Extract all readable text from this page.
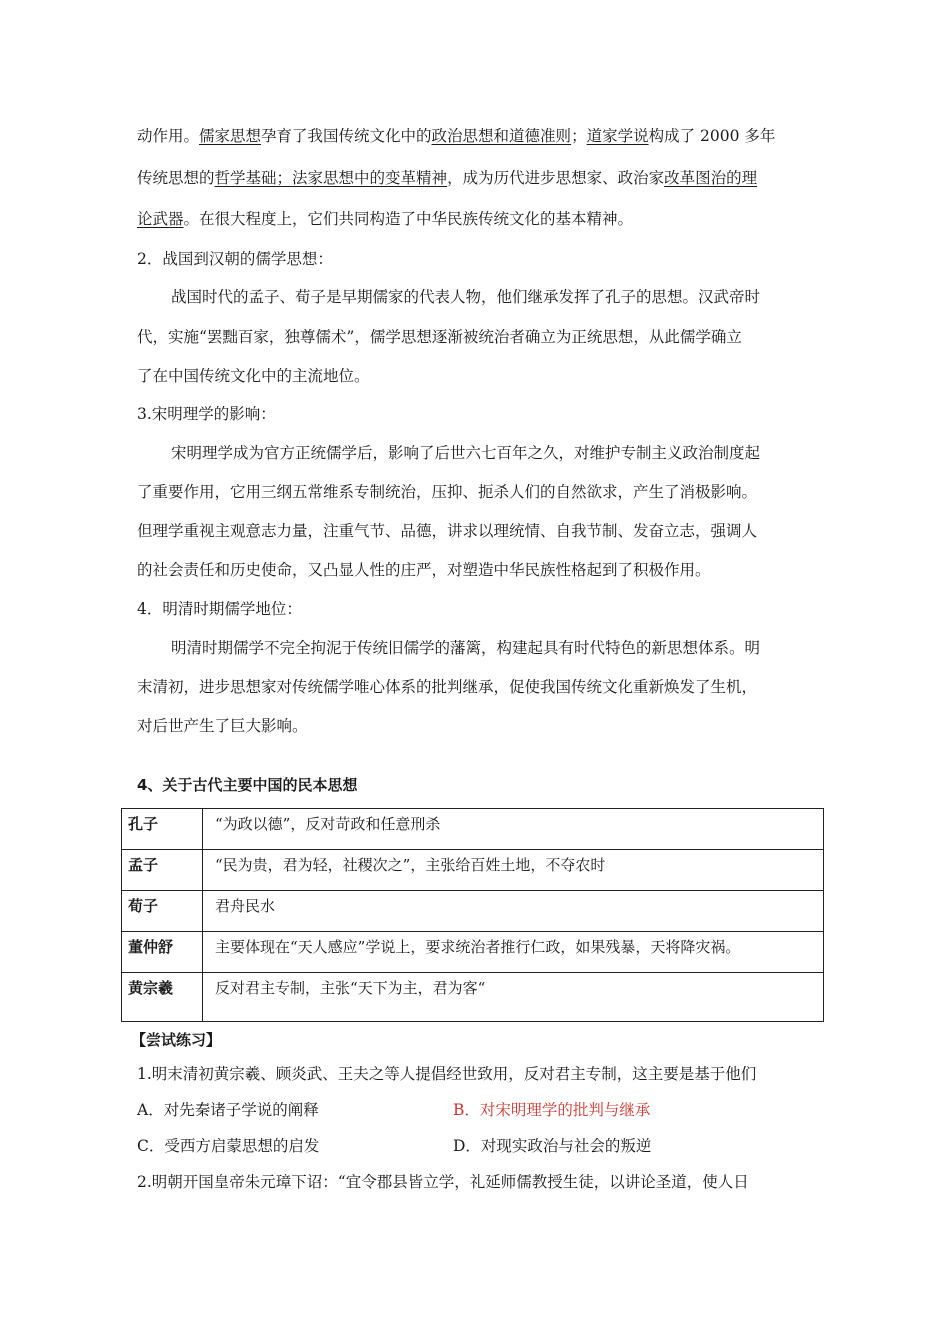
动作用。儒家思想孕育了我国传统文化中的政治思想和道德准则；道家学说构成了 2000 多年

传统思想的哲学基础；法家思想中的变革精神，成为历代进步思想家、政治家改革图治的理

论武器。在很大程度上，它们共同构造了中华民族传统文化的基本精神。

2．战国到汉朝的儒学思想：

战国时代的孟子、荀子是早期儒家的代表人物，他们继承发挥了孔子的思想。汉武帝时

代，实施“罢黜百家，独尊儒术”，儒学思想逐渐被统治者确立为正统思想，从此儒学确立

了在中国传统文化中的主流地位。

3.宋明理学的影响：

宋明理学成为官方正统儒学后，影响了后世六七百年之久，对维护专制主义政治制度起

了重要作用，它用三纲五常维系专制统治，压抑、扼杀人们的自然欲求，产生了消极影响。

但理学重视主观意志力量，注重气节、品德，讲求以理统情、自我节制、发奋立志，强调人

的社会责任和历史使命，又凸显人性的庄严，对塑造中华民族性格起到了积极作用。

4．明清时期儒学地位：

明清时期儒学不完全拘泥于传统旧儒学的藩篱，构建起具有时代特色的新思想体系。明

末清初，进步思想家对传统儒学唯心体系的批判继承，促使我国传统文化重新焕发了生机，

对后世产生了巨大影响。

4、关于古代主要中国的民本思想

孔子	“为政以德”，反对苛政和任意刑杀
孟子	“民为贵，君为轻，社稷次之”，主张给百姓土地，不夺农时
荀子	君舟民水
董仲舒	主要体现在“天人感应”学说上，要求统治者推行仁政，如果残暴，天将降灾祸。
黄宗羲	反对君主专制，主张“天下为主，君为客“

【尝试练习】

1.明末清初黄宗羲、顾炎武、王夫之等人提倡经世致用，反对君主专制，这主要是基于他们

A．对先秦诸子学说的阐释	B．对宋明理学的批判与继承
C．受西方启蒙思想的启发	D．对现实政治与社会的叛逆

2.明朝开国皇帝朱元璋下诏：“宜令郡县皆立学，礼延师儒教授生徒，以讲论圣道，使人日
